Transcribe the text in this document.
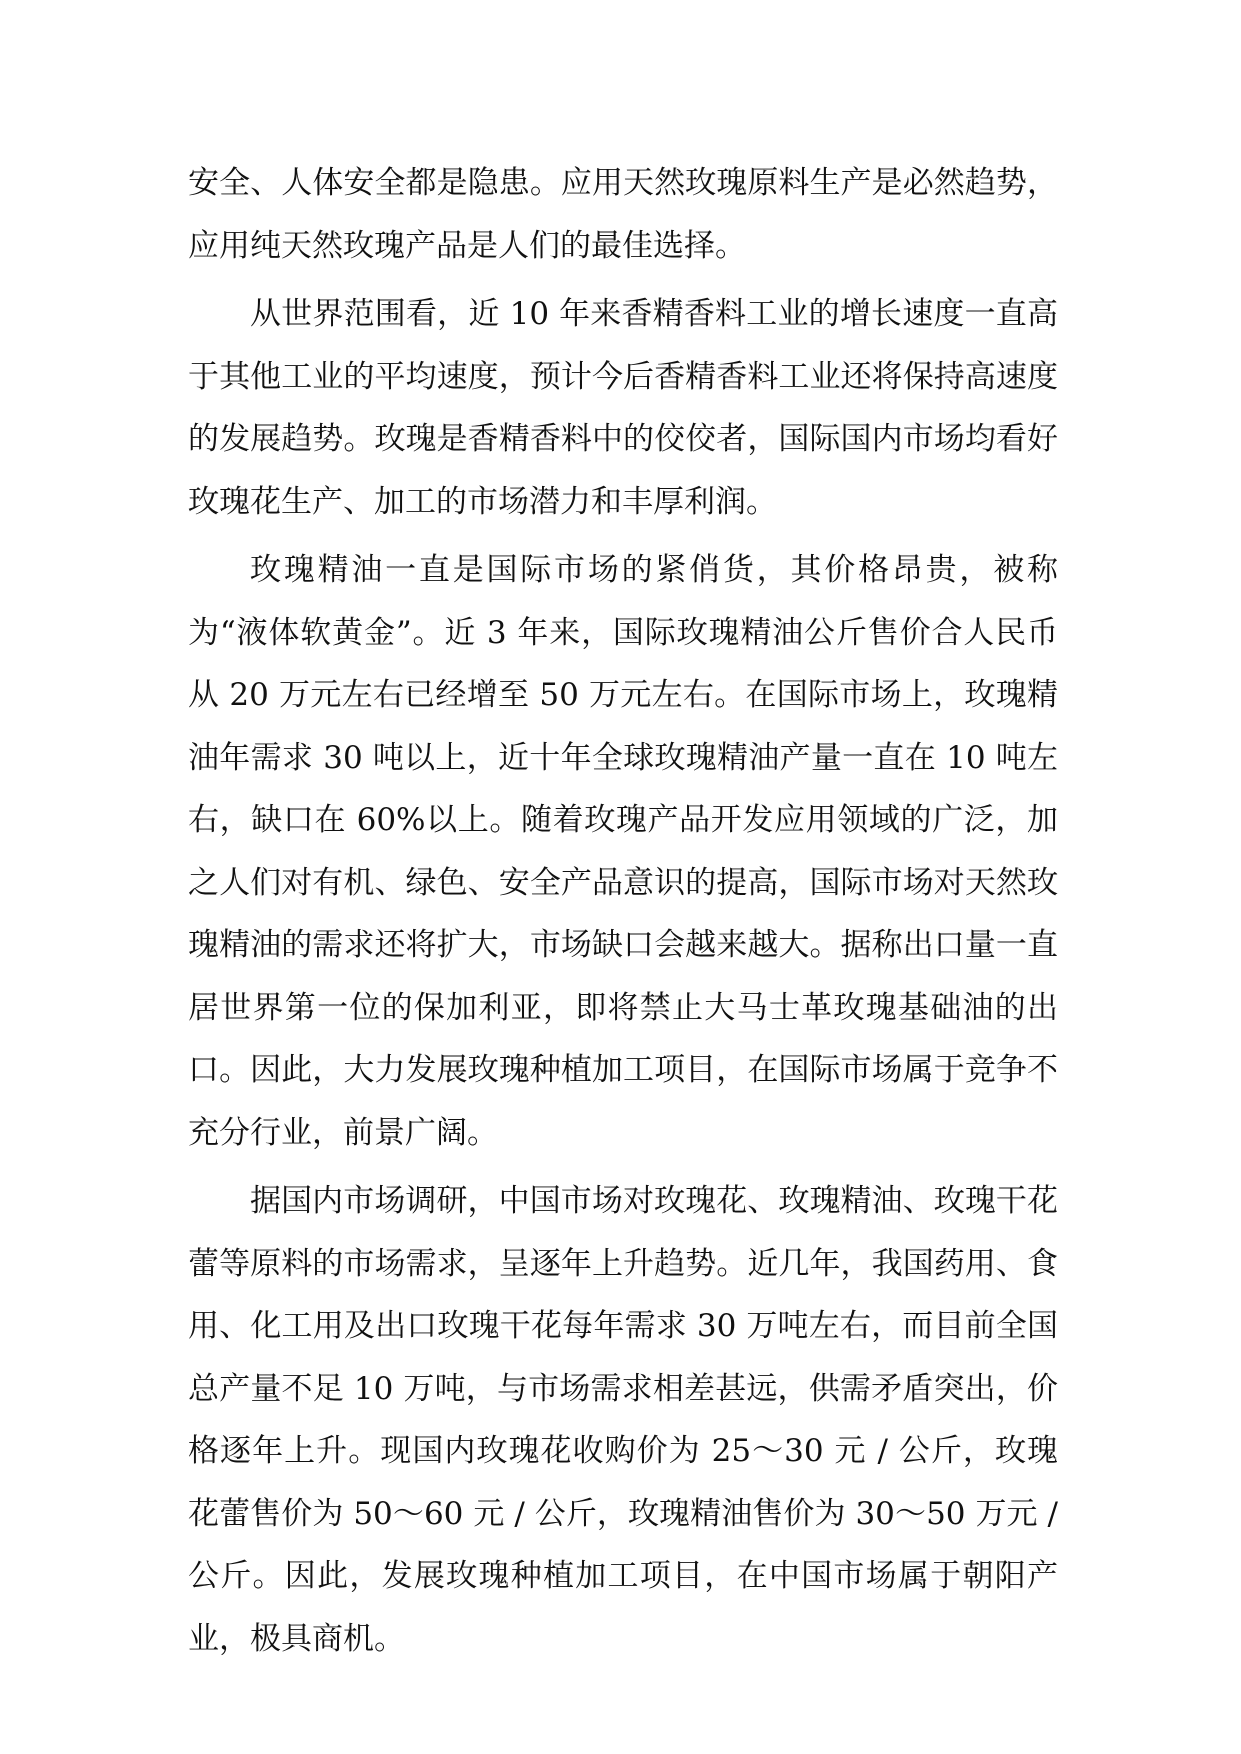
安全、人体安全都是隐患。应用天然玫瑰原料生产是必然趋势，应用纯天然玫瑰产品是人们的最佳选择。

从世界范围看，近 10 年来香精香料工业的增长速度一直高于其他工业的平均速度，预计今后香精香料工业还将保持高速度的发展趋势。玫瑰是香精香料中的佼佼者，国际国内市场均看好玫瑰花生产、加工的市场潜力和丰厚利润。

玫瑰精油一直是国际市场的紧俏货，其价格昂贵，被称为“液体软黄金”。近 3 年来，国际玫瑰精油公斤售价合人民币从 20 万元左右已经增至 50 万元左右。在国际市场上，玫瑰精油年需求 30 吨以上，近十年全球玫瑰精油产量一直在 10 吨左右，缺口在 60%以上。随着玫瑰产品开发应用领域的广泛，加之人们对有机、绿色、安全产品意识的提高，国际市场对天然玫瑰精油的需求还将扩大，市场缺口会越来越大。据称出口量一直居世界第一位的保加利亚，即将禁止大马士革玫瑰基础油的出口。因此，大力发展玫瑰种植加工项目，在国际市场属于竞争不充分行业，前景广阔。

据国内市场调研，中国市场对玫瑰花、玫瑰精油、玫瑰干花蕾等原料的市场需求，呈逐年上升趋势。近几年，我国药用、食用、化工用及出口玫瑰干花每年需求 30 万吨左右，而目前全国总产量不足 10 万吨，与市场需求相差甚远，供需矛盾突出，价格逐年上升。现国内玫瑰花收购价为 25～30 元 / 公斤，玫瑰花蕾售价为 50～60 元 / 公斤，玫瑰精油售价为 30～50 万元 / 公斤。因此，发展玫瑰种植加工项目，在中国市场属于朝阳产业，极具商机。
